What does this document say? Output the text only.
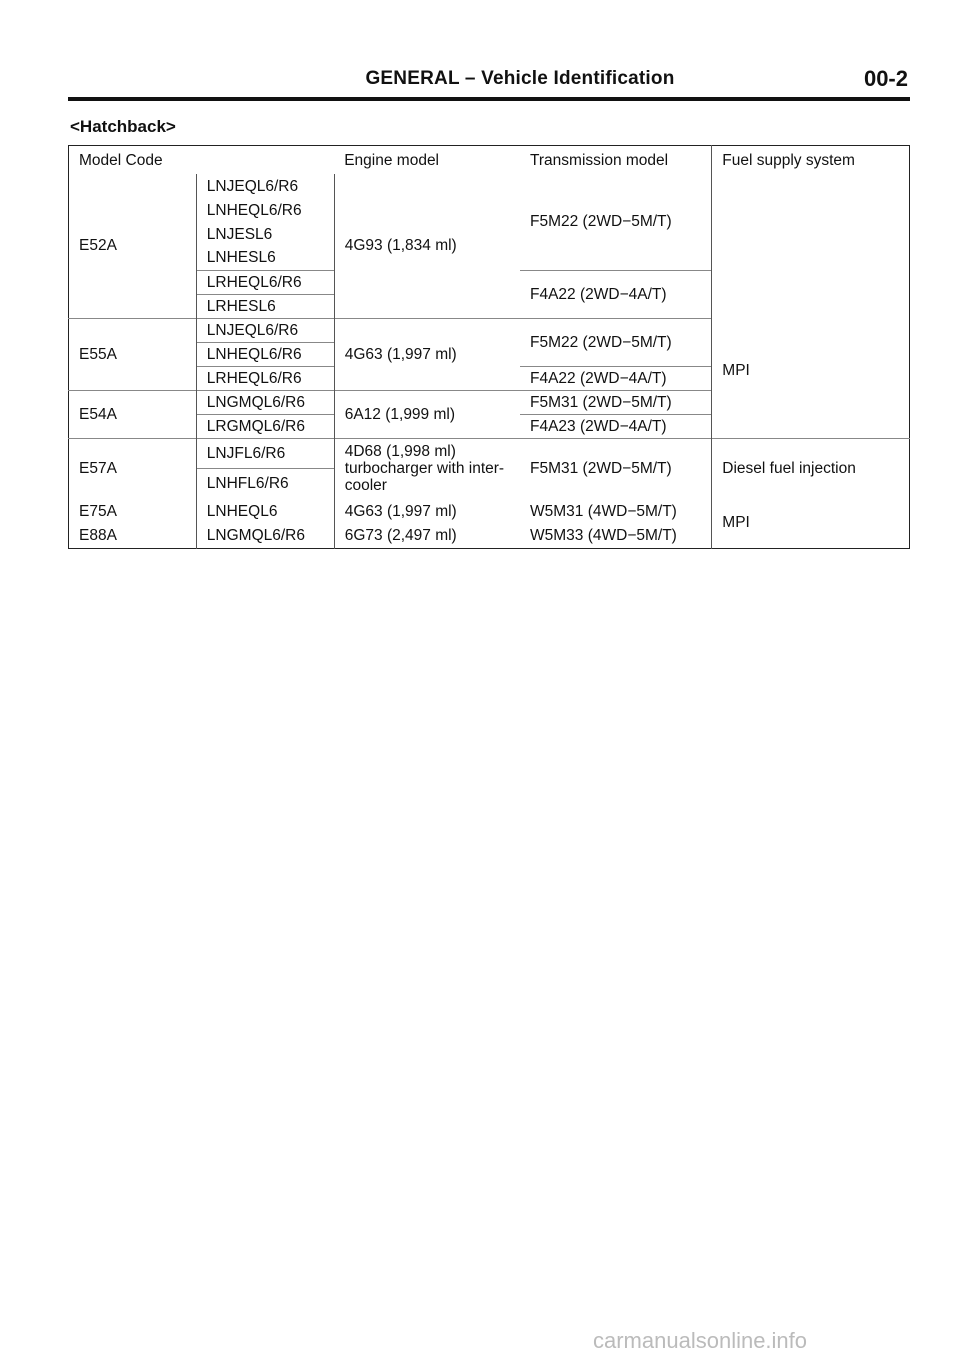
GENERAL – Vehicle Identification	00-2
<Hatchback>
Model Code		Engine model	Transmission model	Fuel supply system
E52A	LNJEQL6/R6	4G93 (1,834 ml)	F5M22 (2WD−5M/T)	MPI
	LNHEQL6/R6			
	LNJESL6			
	LNHESL6			
	LRHEQL6/R6		F4A22 (2WD−4A/T)	
	LRHESL6			
E55A	LNJEQL6/R6	4G63 (1,997 ml)	F5M22 (2WD−5M/T)	
	LNHEQL6/R6			
	LRHEQL6/R6		F4A22 (2WD−4A/T)	
E54A	LNGMQL6/R6	6A12 (1,999 ml)	F5M31 (2WD−5M/T)	
	LRGMQL6/R6		F4A23 (2WD−4A/T)	
E57A	LNJFL6/R6	4D68 (1,998 ml)
turbocharger with inter-
cooler	F5M31 (2WD−5M/T)	Diesel fuel injection
	LNHFL6/R6			
E75A	LNHEQL6	4G63 (1,997 ml)	W5M31 (4WD−5M/T)	MPI
E88A	LNGMQL6/R6	6G73 (2,497 ml)	W5M33 (4WD−5M/T)	
carmanualsonline.info
